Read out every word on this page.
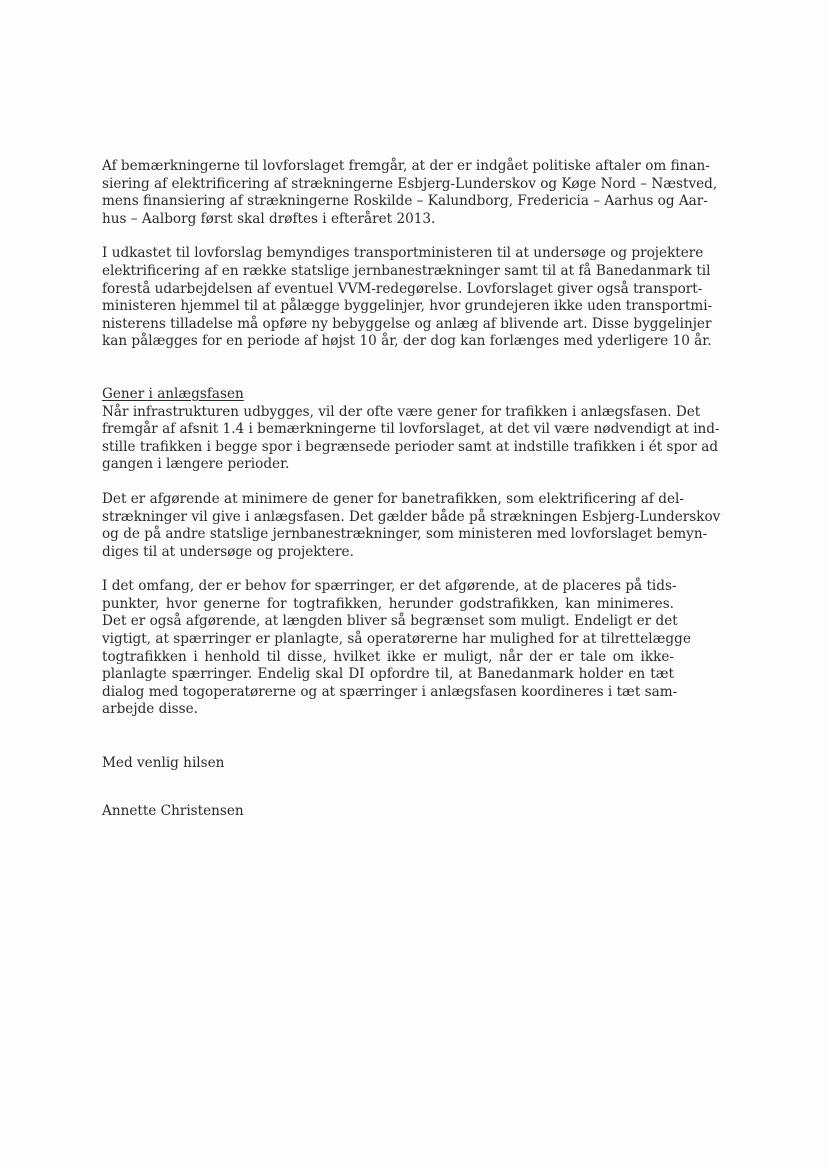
Af bemærkningerne til lovforslaget fremgår, at der er indgået politiske aftaler om finan-
siering af elektrificering af strækningerne Esbjerg-Lunderskov og Køge Nord – Næstved,
mens finansiering af strækningerne Roskilde – Kalundborg, Fredericia – Aarhus og Aar-
hus – Aalborg først skal drøftes i efteråret 2013.

I udkastet til lovforslag bemyndiges transportministeren til at undersøge og projektere
elektrificering af en række statslige jernbanestrækninger samt til at få Banedanmark til
forestå udarbejdelsen af eventuel VVM-redegørelse. Lovforslaget giver også transport-
ministeren hjemmel til at pålægge byggelinjer, hvor grundejeren ikke uden transportmi-
nisterens tilladelse må opføre ny bebyggelse og anlæg af blivende art. Disse byggelinjer
kan pålægges for en periode af højst 10 år, der dog kan forlænges med yderligere 10 år.

Gener i anlægsfasen

Når infrastrukturen udbygges, vil der ofte være gener for trafikken i anlægsfasen. Det
fremgår af afsnit 1.4 i bemærkningerne til lovforslaget, at det vil være nødvendigt at ind-
stille trafikken i begge spor i begrænsede perioder samt at indstille trafikken i ét spor ad
gangen i længere perioder.

Det er afgørende at minimere de gener for banetrafikken, som elektrificering af del-
strækninger vil give i anlægsfasen. Det gælder både på strækningen Esbjerg-Lunderskov
og de på andre statslige jernbanestrækninger, som ministeren med lovforslaget bemyn-
diges til at undersøge og projektere.

I det omfang, der er behov for spærringer, er det afgørende, at de placeres på tids-
punkter, hvor generne for togtrafikken, herunder godstrafikken, kan minimeres.
Det er også afgørende, at længden bliver så begrænset som muligt. Endeligt er det
vigtigt, at spærringer er planlagte, så operatørerne har mulighed for at tilrettelægge
togtrafikken i henhold til disse, hvilket ikke er muligt, når der er tale om ikke-
planlagte spærringer. Endelig skal DI opfordre til, at Banedanmark holder en tæt
dialog med togoperatørerne og at spærringer i anlægsfasen koordineres i tæt sam-
arbejde disse.

Med venlig hilsen
Annette Christensen
